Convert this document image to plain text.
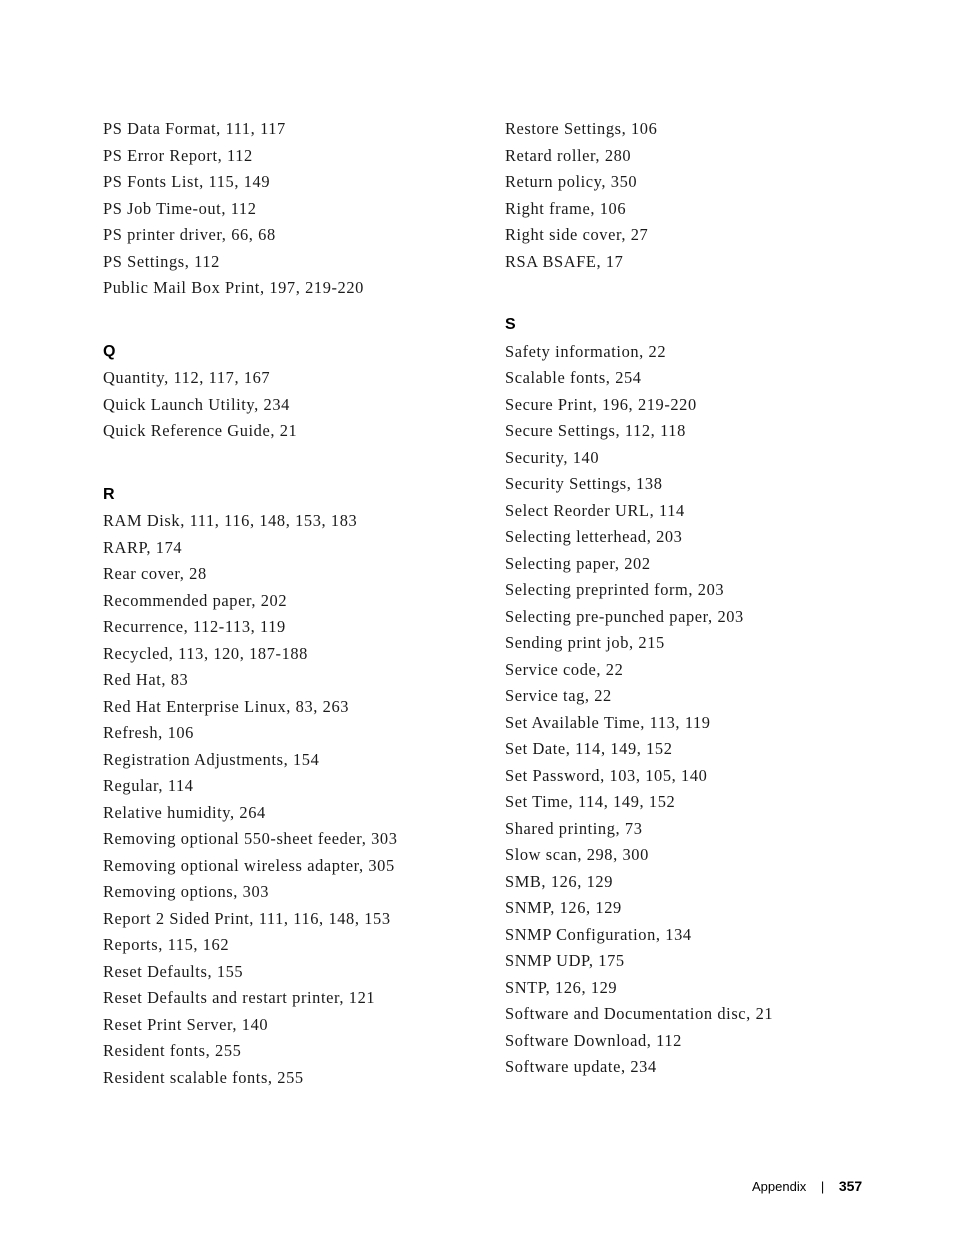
PS Data Format, 111, 117
PS Error Report, 112
PS Fonts List, 115, 149
PS Job Time-out, 112
PS printer driver, 66, 68
PS Settings, 112
Public Mail Box Print, 197, 219-220
Q
Quantity, 112, 117, 167
Quick Launch Utility, 234
Quick Reference Guide, 21
R
RAM Disk, 111, 116, 148, 153, 183
RARP, 174
Rear cover, 28
Recommended paper, 202
Recurrence, 112-113, 119
Recycled, 113, 120, 187-188
Red Hat, 83
Red Hat Enterprise Linux, 83, 263
Refresh, 106
Registration Adjustments, 154
Regular, 114
Relative humidity, 264
Removing optional 550-sheet feeder, 303
Removing optional wireless adapter, 305
Removing options, 303
Report 2 Sided Print, 111, 116, 148, 153
Reports, 115, 162
Reset Defaults, 155
Reset Defaults and restart printer, 121
Reset Print Server, 140
Resident fonts, 255
Resident scalable fonts, 255
Restore Settings, 106
Retard roller, 280
Return policy, 350
Right frame, 106
Right side cover, 27
RSA BSAFE, 17
S
Safety information, 22
Scalable fonts, 254
Secure Print, 196, 219-220
Secure Settings, 112, 118
Security, 140
Security Settings, 138
Select Reorder URL, 114
Selecting letterhead, 203
Selecting paper, 202
Selecting preprinted form, 203
Selecting pre-punched paper, 203
Sending print job, 215
Service code, 22
Service tag, 22
Set Available Time, 113, 119
Set Date, 114, 149, 152
Set Password, 103, 105, 140
Set Time, 114, 149, 152
Shared printing, 73
Slow scan, 298, 300
SMB, 126, 129
SNMP, 126, 129
SNMP Configuration, 134
SNMP UDP, 175
SNTP, 126, 129
Software and Documentation disc, 21
Software Download, 112
Software update, 234
Appendix | 357
